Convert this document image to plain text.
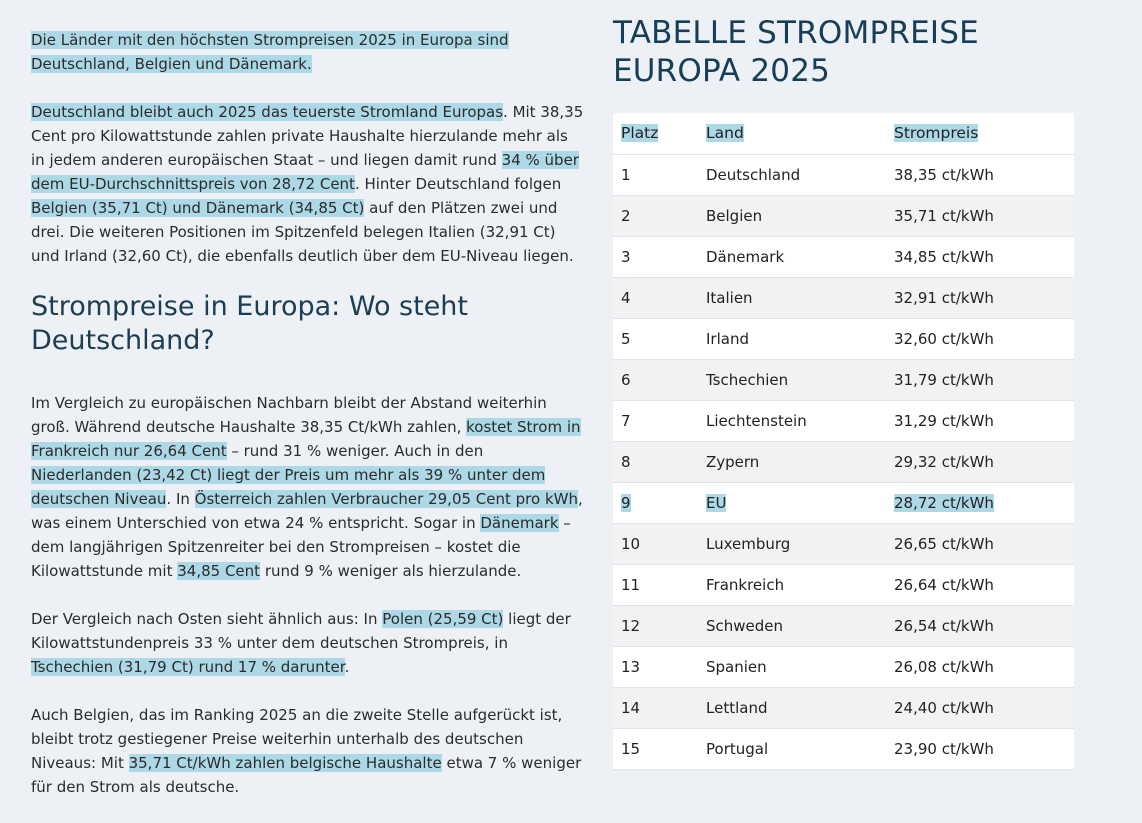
Die Länder mit den höchsten Strompreisen 2025 in Europa sind Deutschland, Belgien und Dänemark.

Deutschland bleibt auch 2025 das teuerste Stromland Europas. Mit 38,35 Cent pro Kilowattstunde zahlen private Haushalte hierzulande mehr als in jedem anderen europäischen Staat – und liegen damit rund 34 % über dem EU-Durchschnittspreis von 28,72 Cent. Hinter Deutschland folgen Belgien (35,71 Ct) und Dänemark (34,85 Ct) auf den Plätzen zwei und drei. Die weiteren Positionen im Spitzenfeld belegen Italien (32,91 Ct) und Irland (32,60 Ct), die ebenfalls deutlich über dem EU-Niveau liegen.

Strompreise in Europa: Wo steht Deutschland?

Im Vergleich zu europäischen Nachbarn bleibt der Abstand weiterhin groß. Während deutsche Haushalte 38,35 Ct/kWh zahlen, kostet Strom in Frankreich nur 26,64 Cent – rund 31 % weniger. Auch in den Niederlanden (23,42 Ct) liegt der Preis um mehr als 39 % unter dem deutschen Niveau. In Österreich zahlen Verbraucher 29,05 Cent pro kWh, was einem Unterschied von etwa 24 % entspricht. Sogar in Dänemark – dem langjährigen Spitzenreiter bei den Strompreisen – kostet die Kilowattstunde mit 34,85 Cent rund 9 % weniger als hierzulande.

Der Vergleich nach Osten sieht ähnlich aus: In Polen (25,59 Ct) liegt der Kilowattstundenpreis 33 % unter dem deutschen Strompreis, in Tschechien (31,79 Ct) rund 17 % darunter.

Auch Belgien, das im Ranking 2025 an die zweite Stelle aufgerückt ist, bleibt trotz gestiegener Preise weiterhin unterhalb des deutschen Niveaus: Mit 35,71 Ct/kWh zahlen belgische Haushalte etwa 7 % weniger für den Strom als deutsche.

TABELLE STROMPREISE EUROPA 2025
Platz	Land	Strompreis
1	Deutschland	38,35 ct/kWh
2	Belgien	35,71 ct/kWh
3	Dänemark	34,85 ct/kWh
4	Italien	32,91 ct/kWh
5	Irland	32,60 ct/kWh
6	Tschechien	31,79 ct/kWh
7	Liechtenstein	31,29 ct/kWh
8	Zypern	29,32 ct/kWh
9	EU	28,72 ct/kWh
10	Luxemburg	26,65 ct/kWh
11	Frankreich	26,64 ct/kWh
12	Schweden	26,54 ct/kWh
13	Spanien	26,08 ct/kWh
14	Lettland	24,40 ct/kWh
15	Portugal	23,90 ct/kWh
